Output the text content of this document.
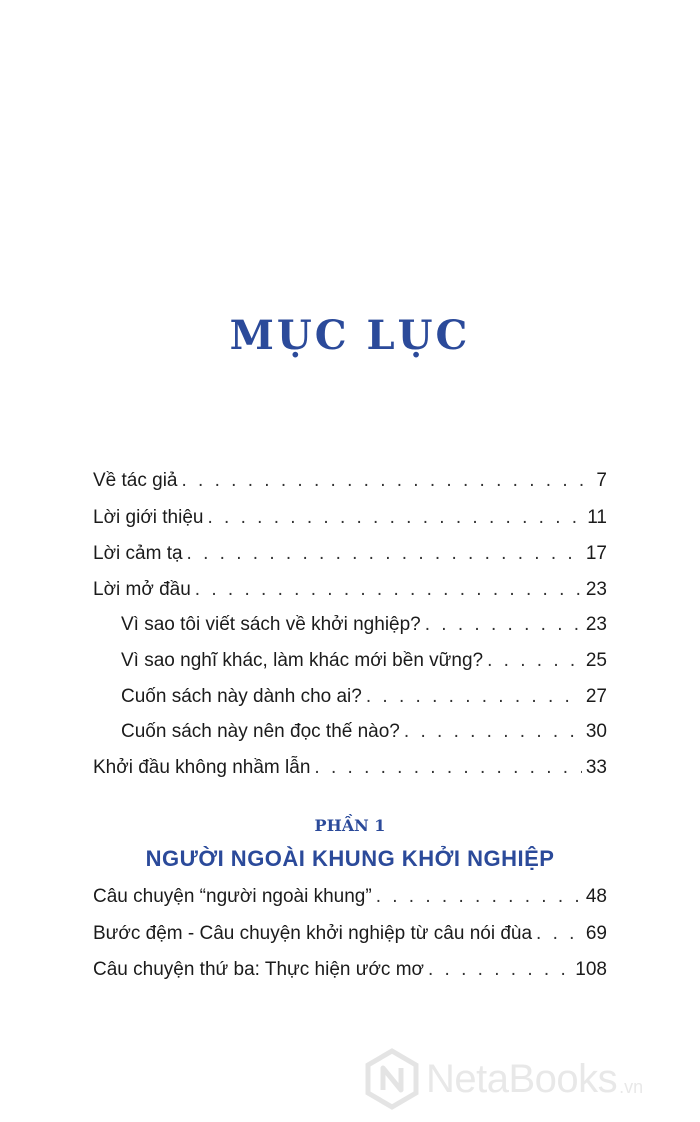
MỤC LỤC
Về tác giả . . .	7
Lời giới thiệu . . .	11
Lời cảm tạ . . .	17
Lời mở đầu . . .	23
Vì sao tôi viết sách về khởi nghiệp? . . .	23
Vì sao nghĩ khác, làm khác mới bền vững? . . .	25
Cuốn sách này dành cho ai? . . .	27
Cuốn sách này nên đọc thế nào? . . .	30
Khởi đầu không nhầm lẫn . . .	33
PHẦN 1
NGƯỜI NGOÀI KHUNG KHỞI NGHIỆP
Câu chuyện “người ngoài khung” . . .	48
Bước đệm - Câu chuyện khởi nghiệp từ câu nói đùa . . .	69
Câu chuyện thứ ba: Thực hiện ước mơ . . .	108
NetaBooks .vn
